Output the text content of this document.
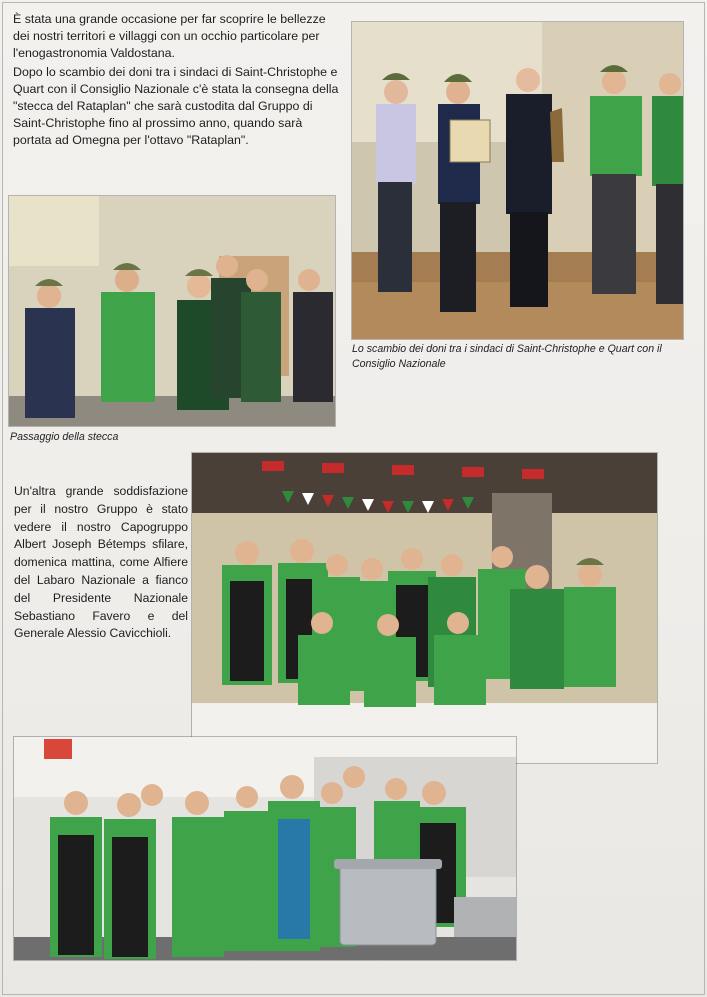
È stata una grande occasione per far scoprire le bellezze dei nostri territori e villaggi con un occhio particolare per l'enogastronomia Valdostana.

Dopo lo scambio dei doni tra i sindaci di Saint-Christophe e Quart con il Consiglio Nazionale c'è stata la consegna della "stecca del Rataplan" che sarà custodita dal Gruppo di Saint-Christophe fino al prossimo anno, quando sarà portata ad Omegna per l'ottavo "Rataplan".

Lo scambio dei doni tra i sindaci di Saint-Christophe e Quart con il Consiglio Nazionale
Passaggio della stecca
Un'altra grande soddisfazione per il nostro Gruppo è stato vedere il nostro Capogruppo Albert Joseph Bétemps sfilare, domenica mattina, come Alfiere del Labaro Nazionale a fianco del Presidente Nazionale Sebastiano Favero e del Generale Alessio Cavicchioli.
